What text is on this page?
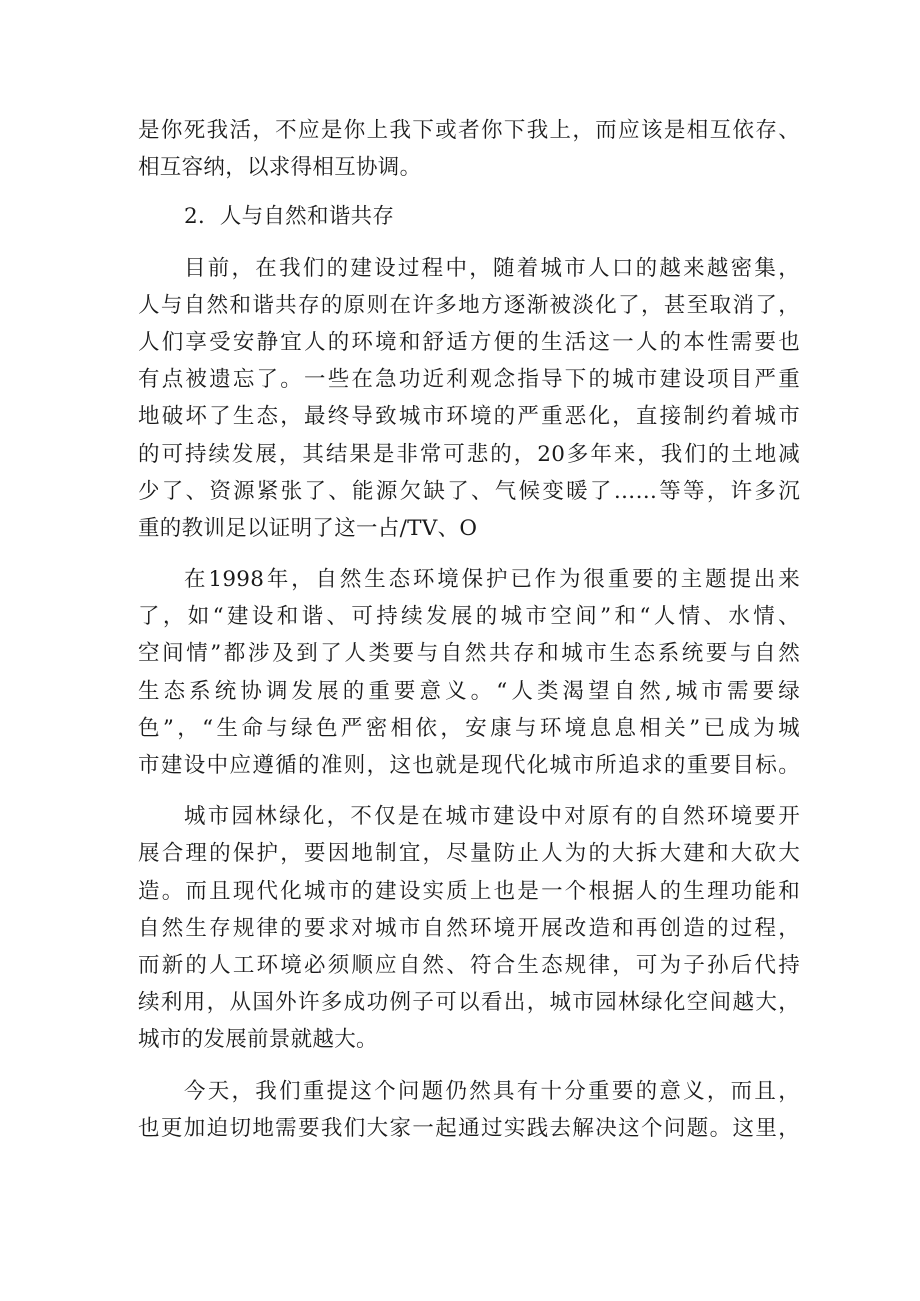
是你死我活，不应是你上我下或者你下我上，而应该是相互依存、
相互容纳，以求得相互协调。
2．人与自然和谐共存
目前，在我们的建设过程中，随着城市人口的越来越密集，
人与自然和谐共存的原则在许多地方逐渐被淡化了，甚至取消了，
人们享受安静宜人的环境和舒适方便的生活这一人的本性需要也
有点被遗忘了。一些在急功近利观念指导下的城市建设项目严重
地破坏了生态，最终导致城市环境的严重恶化，直接制约着城市
的可持续发展，其结果是非常可悲的，20多年来，我们的土地减
少了、资源紧张了、能源欠缺了、气候变暖了……等等，许多沉
重的教训足以证明了这一占/TV、O
在1998年，自然生态环境保护已作为很重要的主题提出来
了，如“建设和谐、可持续发展的城市空间”和“人情、水情、
空间情”都涉及到了人类要与自然共存和城市生态系统要与自然
生态系统协调发展的重要意义。“人类渴望自然,城市需要绿
色”，“生命与绿色严密相依，安康与环境息息相关”已成为城
市建设中应遵循的准则，这也就是现代化城市所追求的重要目标。
城市园林绿化，不仅是在城市建设中对原有的自然环境要开
展合理的保护，要因地制宜，尽量防止人为的大拆大建和大砍大
造。而且现代化城市的建设实质上也是一个根据人的生理功能和
自然生存规律的要求对城市自然环境开展改造和再创造的过程，
而新的人工环境必须顺应自然、符合生态规律，可为子孙后代持
续利用，从国外许多成功例子可以看出，城市园林绿化空间越大，
城市的发展前景就越大。
今天，我们重提这个问题仍然具有十分重要的意义，而且，
也更加迫切地需要我们大家一起通过实践去解决这个问题。这里，
